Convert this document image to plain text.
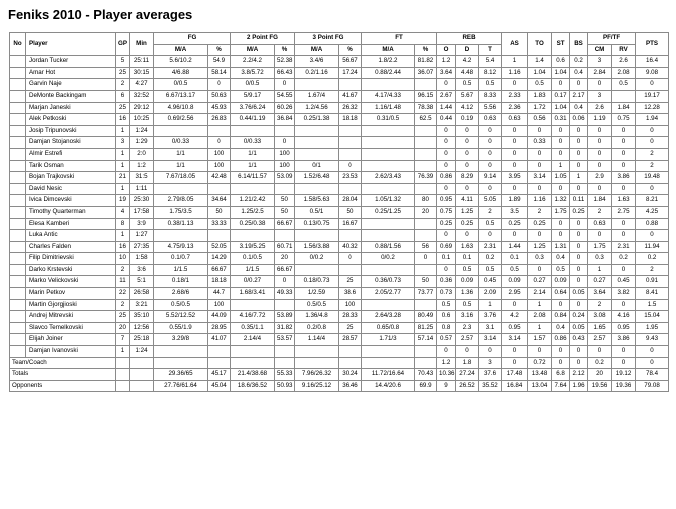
Feniks 2010 - Player averages
No	Player	GP	Min	FG		2 Point FG		3 Point FG		FT		REB			AS	TO	ST	BS	PF/TF		PTS
				M/A	%	M/A	%	M/A	%	M/A	%	O	D	T					CM	RV	
	Jordan Tucker	5	25:11	5.6/10.2	54.9	2.2/4.2	52.38	3.4/6	56.67	1.8/2.2	81.82	1.2	4.2	5.4	1	1.4	0.6	0.2	3	2.6	16.4
	Amar Hot	25	30:15	4/6.88	58.14	3.8/5.72	66.43	0.2/1.16	17.24	0.88/2.44	36.07	3.64	4.48	8.12	1.16	1.04	1.04	0.4	2.84	2.08	9.08
	Garvin Naje	2	4:27	0/0.5	0	0/0.5	0					0	0.5	0.5	0	0.5	0	0	0	0.5	0
	DeMonte Backingam	6	32:52	6.67/13.17	50.63	5/9.17	54.55	1.67/4	41.67	4.17/4.33	96.15	2.67	5.67	8.33	2.33	1.83	0.17	2.17	3		19.17
	Marjan Janeski	25	29:12	4.96/10.8	45.93	3.76/6.24	60.26	1.2/4.56	26.32	1.16/1.48	78.38	1.44	4.12	5.56	2.36	1.72	1.04	0.4	2.6	1.84	12.28
	Alek Petkoski	16	10:25	0.69/2.56	26.83	0.44/1.19	36.84	0.25/1.38	18.18	0.31/0.5	62.5	0.44	0.19	0.63	0.63	0.56	0.31	0.06	1.19	0.75	1.94
	Josip Tripunovski	1	1:24									0	0	0	0	0	0	0	0	0	0
	Damjan Stojanoski	3	1:29	0/0.33	0	0/0.33	0					0	0	0	0	0.33	0	0	0	0	0
	Almir Estrefi	1	2:0	1/1	100	1/1	100					0	0	0	0	0	0	0	0	0	2
	Tarik Osman	1	1:2	1/1	100	1/1	100	0/1	0			0	0	0	0	0	1	0	0	0	2
	Bojan Trajkovski	21	31:5	7.67/18.05	42.48	6.14/11.57	53.09	1.52/6.48	23.53	2.62/3.43	76.39	0.86	8.29	9.14	3.95	3.14	1.05	1	2.9	3.86	19.48
	David Nesic	1	1:11									0	0	0	0	0	0	0	0	0	0
	Ivica Dimcevski	19	25:30	2.79/8.05	34.64	1.21/2.42	50	1.58/5.63	28.04	1.05/1.32	80	0.95	4.11	5.05	1.89	1.16	1.32	0.11	1.84	1.63	8.21
	Timothy Quarterman	4	17:58	1.75/3.5	50	1.25/2.5	50	0.5/1	50	0.25/1.25	20	0.75	1.25	2	3.5	2	1.75	0.25	2	2.75	4.25
	Elesa Kamberi	8	3:9	0.38/1.13	33.33	0.25/0.38	66.67	0.13/0.75	16.67			0.25	0.25	0.5	0.25	0.25	0	0	0.63	0	0.88
	Luka Antic	1	1:27									0	0	0	0	0	0	0	0	0	0
	Charles Falden	16	27:35	4.75/9.13	52.05	3.19/5.25	60.71	1.56/3.88	40.32	0.88/1.56	56	0.69	1.63	2.31	1.44	1.25	1.31	0	1.75	2.31	11.94
	Filip Dimitrievski	10	1:58	0.1/0.7	14.29	0.1/0.5	20	0/0.2	0	0/0.2	0	0.1	0.1	0.2	0.1	0.3	0.4	0	0.3	0.2	0.2
	Darko Krstevski	2	3:6	1/1.5	66.67	1/1.5	66.67					0	0.5	0.5	0.5	0	0.5	0	1	0	2
	Marko Velickovski	11	5:1	0.18/1	18.18	0/0.27	0	0.18/0.73	25	0.36/0.73	50	0.36	0.09	0.45	0.09	0.27	0.09	0	0.27	0.45	0.91
	Marin Petkov	22	26:58	2.68/6	44.7	1.68/3.41	49.33	1/2.59	38.6	2.05/2.77	73.77	0.73	1.36	2.09	2.95	2.14	0.64	0.05	3.64	3.82	8.41
	Martin Gjorgjioski	2	3:21	0.5/0.5	100			0.5/0.5	100			0.5	0.5	1	0	1	0	0	2	0	1.5
	Andrej Mitrevski	25	35:10	5.52/12.52	44.09	4.16/7.72	53.89	1.36/4.8	28.33	2.64/3.28	80.49	0.6	3.16	3.76	4.2	2.08	0.84	0.24	3.08	4.16	15.04
	Slavco Temelkovski	20	12:56	0.55/1.9	28.95	0.35/1.1	31.82	0.2/0.8	25	0.65/0.8	81.25	0.8	2.3	3.1	0.95	1	0.4	0.05	1.65	0.95	1.95
	Elijah Joiner	7	25:18	3.29/8	41.07	2.14/4	53.57	1.14/4	28.57	1.71/3	57.14	0.57	2.57	3.14	3.14	1.57	0.86	0.43	2.57	3.86	9.43
	Damjan Ivanovski	1	1:24									0	0	0	0	0	0	0	0	0	0
Team/Coach												1.2	1.8	3	0	0.72	0	0	0.2	0	0
Totals				29.36/65	45.17	21.4/38.68	55.33	7.96/26.32	30.24	11.72/16.64	70.43	10.36	27.24	37.6	17.48	13.48	6.8	2.12	20	19.12	78.4
Opponents				27.76/61.64	45.04	18.6/36.52	50.93	9.16/25.12	36.46	14.4/20.6	69.9	9	26.52	35.52	16.84	13.04	7.64	1.96	19.56	19.36	79.08
